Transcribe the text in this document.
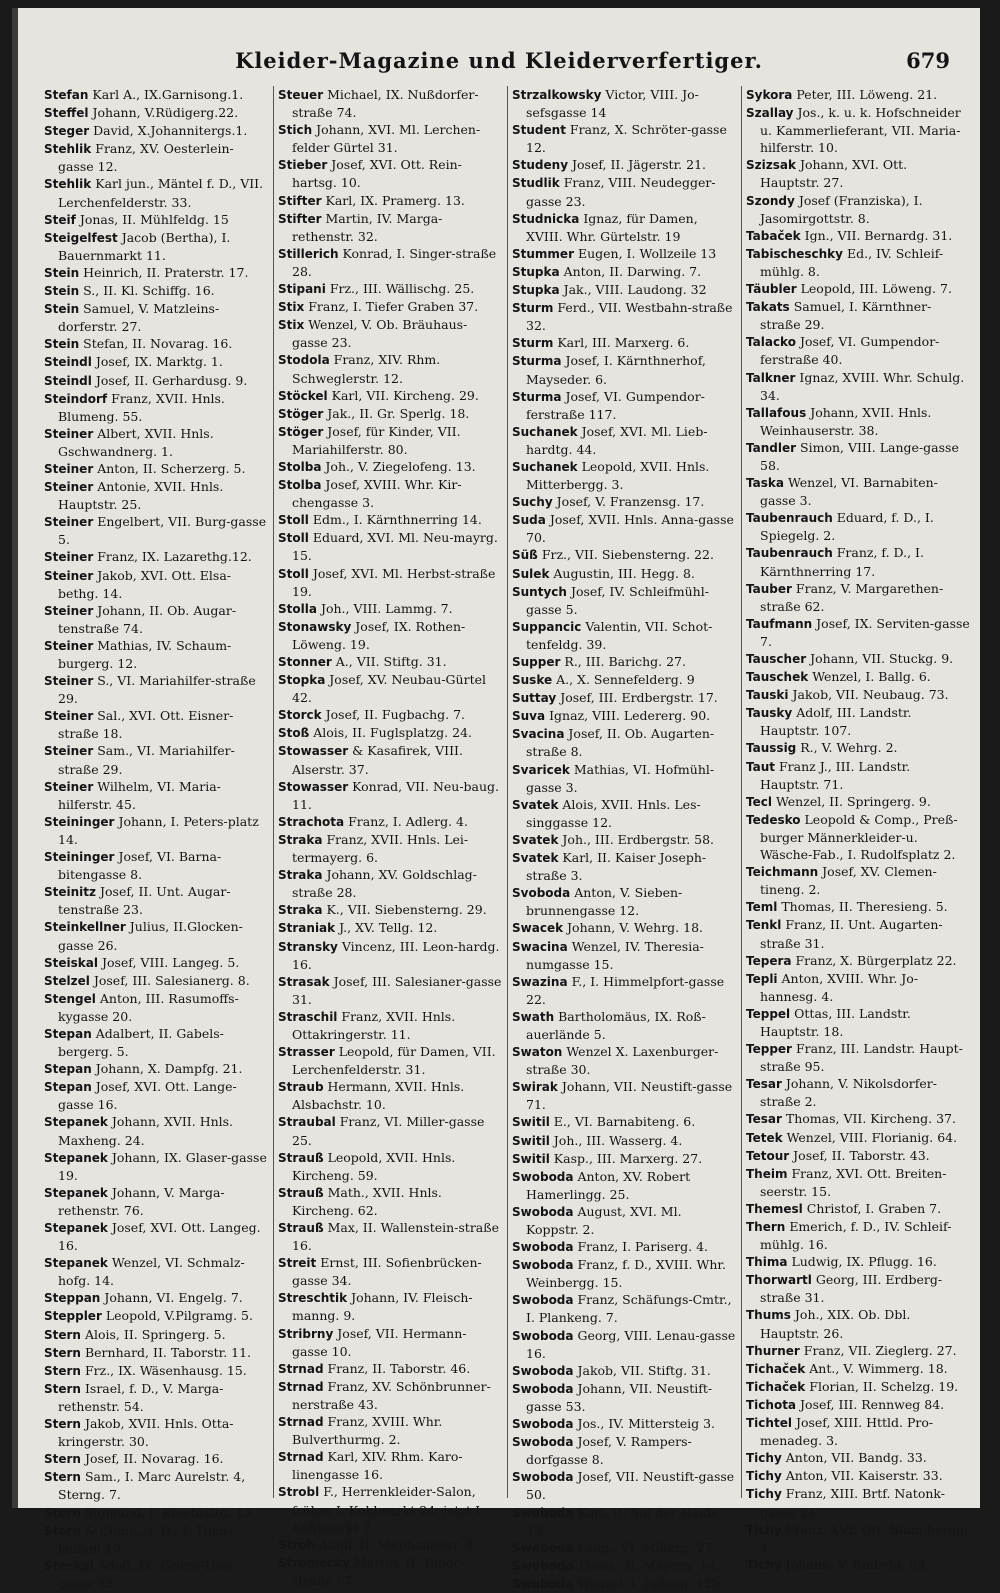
Kleider-Magazine und Kleiderverfertiger.	679
Stefan Karl A., IX.Garnisong.1.
Steffel Johann, V.Rüdigerg.22.
Steger David, X.Johannitergs.1.
Stehlik Franz, XV. Oesterlein-gasse 12.
Stehlik Karl jun., Mäntel f. D., VII. Lerchenfelderstr. 33.
Steif Jonas, II. Mühlfeldg. 15
Steigelfest Jacob (Bertha), I. Bauernmarkt 11.
Stein Heinrich, II. Praterstr. 17.
Stein S., II. Kl. Schiffg. 16.
Stein Samuel, V. Matzleins-dorferstr. 27.
Stein Stefan, II. Novarag. 16.
Steindl Josef, IX. Marktg. 1.
Steindl Josef, II. Gerhardusg. 9.
Steindorf Franz, XVII. Hnls. Blumeng. 55.
Steiner Albert, XVII. Hnls. Gschwandnerg. 1.
Steiner Anton, II. Scherzerg. 5.
Steiner Antonie, XVII. Hnls. Hauptstr. 25.
Steiner Engelbert, VII. Burg-gasse 5.
Steiner Franz, IX. Lazarethg.12.
Steiner Jakob, XVI. Ott. Elsa-bethg. 14.
Steiner Johann, II. Ob. Augar-tenstraße 74.
Steiner Mathias, IV. Schaum-burgerg. 12.
Steiner S., VI. Mariahilfer-straße 29.
Steiner Sal., XVI. Ott. Eisner-straße 18.
Steiner Sam., VI. Mariahilfer-straße 29.
Steiner Wilhelm, VI. Maria-hilferstr. 45.
Steininger Johann, I. Peters-platz 14.
Steininger Josef, VI. Barna-bitengasse 8.
Steinitz Josef, II. Unt. Augar-tenstraße 23.
Steinkellner Julius, II.Glocken-gasse 26.
Steiskal Josef, VIII. Langeg. 5.
Stelzel Josef, III. Salesianerg. 8.
Stengel Anton, III. Rasumoffs-kygasse 20.
Stepan Adalbert, II. Gabels-bergerg. 5.
Stepan Johann, X. Dampfg. 21.
Stepan Josef, XVI. Ott. Lange-gasse 16.
Stepanek Johann, XVII. Hnls. Maxheng. 24.
Stepanek Johann, IX. Glaser-gasse 19.
Stepanek Johann, V. Marga-rethenstr. 76.
Stepanek Josef, XVI. Ott. Langeg. 16.
Stepanek Wenzel, VI. Schmalz-hofg. 14.
Steppan Johann, VI. Engelg. 7.
Steppler Leopold, V.Pilgramg. 5.
Stern Alois, II. Springerg. 5.
Stern Bernhard, II. Taborstr. 11.
Stern Frz., IX. Wäsenhausg. 15.
Stern Israel, f. D., V. Marga-rethenstr. 54.
Stern Jakob, XVII. Hnls. Otta-kringerstr. 30.
Stern Josef, II. Novarag. 16.
Stern Sam., I. Marc Aurelstr. 4, Sterng. 7.
Stern Sigmund, I. Kleeblattg. 13.
Stern & Comp., f. D., I. Tuch-lauben 10.
Steskal Adolf, IX. Grüne-Thor-gasse 33.
Steuer Michael, IX. Nußdorfer-straße 74.
Stich Johann, XVI. Ml. Lerchen-felder Gürtel 31.
Stieber Josef, XVI. Ott. Rein-hartsg. 10.
Stifter Karl, IX. Pramerg. 13.
Stifter Martin, IV. Marga-rethenstr. 32.
Stillerich Konrad, I. Singer-straße 28.
Stipani Frz., III. Wällischg. 25.
Stix Franz, I. Tiefer Graben 37.
Stix Wenzel, V. Ob. Bräuhaus-gasse 23.
Stodola Franz, XIV. Rhm. Schweglerstr. 12.
Stöckel Karl, VII. Kircheng. 29.
Stöger Jak., II. Gr. Sperlg. 18.
Stöger Josef, für Kinder, VII. Mariahilferstr. 80.
Stolba Joh., V. Ziegelofeng. 13.
Stolba Josef, XVIII. Whr. Kir-chengasse 3.
Stoll Edm., I. Kärnthnerring 14.
Stoll Eduard, XVI. Ml. Neu-mayrg. 15.
Stoll Josef, XVI. Ml. Herbst-straße 19.
Stolla Joh., VIII. Lammg. 7.
Stonawsky Josef, IX. Rothen-Löweng. 19.
Stonner A., VII. Stiftg. 31.
Stopka Josef, XV. Neubau-Gürtel 42.
Storck Josef, II. Fugbachg. 7.
Stoß Alois, II. Fuglsplatzg. 24.
Stowasser & Kasafirek, VIII. Alserstr. 37.
Stowasser Konrad, VII. Neu-baug. 11.
Strachota Franz, I. Adlerg. 4.
Straka Franz, XVII. Hnls. Lei-termayerg. 6.
Straka Johann, XV. Goldschlag-straße 28.
Straka K., VII. Siebensterng. 29.
Straniak J., XV. Tellg. 12.
Stransky Vincenz, III. Leon-hardg. 16.
Strasak Josef, III. Salesianer-gasse 31.
Straschil Franz, XVII. Hnls. Ottakringerstr. 11.
Strasser Leopold, für Damen, VII. Lerchenfelderstr. 31.
Straub Hermann, XVII. Hnls. Alsbachstr. 10.
Straubal Franz, VI. Miller-gasse 25.
Strauß Leopold, XVII. Hnls. Kircheng. 59.
Strauß Math., XVII. Hnls. Kircheng. 62.
Strauß Max, II. Wallenstein-straße 16.
Streit Ernst, III. Sofienbrücken-gasse 34.
Streschtik Johann, IV. Fleisch-manng. 9.
Stribrny Josef, VII. Hermann-gasse 10.
Strnad Franz, II. Taborstr. 46.
Strnad Franz, XV. Schönbrunner-nerstraße 43.
Strnad Franz, XVIII. Whr. Bulverthurmg. 2.
Strnad Karl, XIV. Rhm. Karo-linengasse 16.
Strobl F., Herrenkleider-Salon, früher I. Kohlmarkt 24, jetzt I. Kohlmarkt 7.
Stroh Adolf, II. Stephaniestr. 8.
Stromecky Martin, II. Tabor-straße 67.
Strzalkowsky Victor, VIII. Jo-sefsgasse 14
Student Franz, X. Schröter-gasse 12.
Studeny Josef, II. Jägerstr. 21.
Studlik Franz, VIII. Neudegger-gasse 23.
Studnicka Ignaz, für Damen, XVIII. Whr. Gürtelstr. 19
Stummer Eugen, I. Wollzeile 13
Stupka Anton, II. Darwing. 7.
Stupka Jak., VIII. Laudong. 32
Sturm Ferd., VII. Westbahn-straße 32.
Sturm Karl, III. Marxerg. 6.
Sturma Josef, I. Kärnthnerhof, Mayseder. 6.
Sturma Josef, VI. Gumpendor-ferstraße 117.
Suchanek Josef, XVI. Ml. Lieb-hardtg. 44.
Suchanek Leopold, XVII. Hnls. Mitterbergg. 3.
Suchy Josef, V. Franzensg. 17.
Suda Josef, XVII. Hnls. Anna-gasse 70.
Süß Frz., VII. Siebensterng. 22.
Sulek Augustin, III. Hegg. 8.
Suntych Josef, IV. Schleifmühl-gasse 5.
Suppancic Valentin, VII. Schot-tenfeldg. 39.
Supper R., III. Barichg. 27.
Suske A., X. Sennefelderg. 9
Suttay Josef, III. Erdbergstr. 17.
Suva Ignaz, VIII. Ledererg. 90.
Svacina Josef, II. Ob. Augarten-straße 8.
Svaricek Mathias, VI. Hofmühl-gasse 3.
Svatek Alois, XVII. Hnls. Les-singgasse 12.
Svatek Joh., III. Erdbergstr. 58.
Svatek Karl, II. Kaiser Joseph-straße 3.
Svoboda Anton, V. Sieben-brunnengasse 12.
Swacek Johann, V. Wehrg. 18.
Swacina Wenzel, IV. Theresia-numgasse 15.
Swazina F., I. Himmelpfort-gasse 22.
Swath Bartholomäus, IX. Roß-auerlände 5.
Swaton Wenzel X. Laxenburger-straße 30.
Swirak Johann, VII. Neustift-gasse 71.
Switil E., VI. Barnabiteng. 6.
Switil Joh., III. Wasserg. 4.
Switil Kasp., III. Marxerg. 27.
Swoboda Anton, XV. Robert Hamerlingg. 25.
Swoboda August, XVI. Ml. Koppstr. 2.
Swoboda Franz, I. Pariserg. 4.
Swoboda Franz, f. D., XVIII. Whr. Weinbergg. 15.
Swoboda Franz, Schäfungs-Cmtr., I. Plankeng. 7.
Swoboda Georg, VIII. Lenau-gasse 16.
Swoboda Jakob, VII. Stiftg. 31.
Swoboda Johann, VII. Neustift-gasse 53.
Swoboda Jos., IV. Mittersteig 3.
Swoboda Josef, V. Rampers-dorfgasse 8.
Swoboda Josef, VII. Neustift-gasse 50.
Swoboda Karl, II. Auf der Haide 13.
Swoboda Leop., VI. Millerg. 27.
Swoboda Thom., II. Mayerg. 14.
Swoboda Wenzel, I. Judeng. 12b.
Sykora Peter, III. Löweng. 21.
Szallay Jos., k. u. k. Hofschneider u. Kammerlieferant, VII. Maria-hilferstr. 10.
Szizsak Johann, XVI. Ott. Hauptstr. 27.
Szondy Josef (Franziska), I. Jasomirgottstr. 8.
Tabaček Ign., VII. Bernardg. 31.
Tabischeschky Ed., IV. Schleif-mühlg. 8.
Täubler Leopold, III. Löweng. 7.
Takats Samuel, I. Kärnthner-straße 29.
Talacko Josef, VI. Gumpendor-ferstraße 40.
Talkner Ignaz, XVIII. Whr. Schulg. 34.
Tallafous Johann, XVII. Hnls. Weinhauserstr. 38.
Tandler Simon, VIII. Lange-gasse 58.
Taska Wenzel, VI. Barnabiten-gasse 3.
Taubenrauch Eduard, f. D., I. Spiegelg. 2.
Taubenrauch Franz, f. D., I. Kärnthnerring 17.
Tauber Franz, V. Margarethen-straße 62.
Taufmann Josef, IX. Serviten-gasse 7.
Tauscher Johann, VII. Stuckg. 9.
Tauschek Wenzel, I. Ballg. 6.
Tauski Jakob, VII. Neubaug. 73.
Tausky Adolf, III. Landstr. Hauptstr. 107.
Taussig R., V. Wehrg. 2.
Taut Franz J., III. Landstr. Hauptstr. 71.
Tecl Wenzel, II. Springerg. 9.
Tedesko Leopold & Comp., Preß-burger Männerkleider-u. Wäsche-Fab., I. Rudolfsplatz 2.
Teichmann Josef, XV. Clemen-tineng. 2.
Teml Thomas, II. Theresieng. 5.
Tenkl Franz, II. Unt. Augarten-straße 31.
Tepera Franz, X. Bürgerplatz 22.
Tepli Anton, XVIII. Whr. Jo-hannesg. 4.
Teppel Ottas, III. Landstr. Hauptstr. 18.
Tepper Franz, III. Landstr. Haupt-straße 95.
Tesar Johann, V. Nikolsdorfer-straße 2.
Tesar Thomas, VII. Kircheng. 37.
Tetek Wenzel, VIII. Florianig. 64.
Tetour Josef, II. Taborstr. 43.
Theim Franz, XVI. Ott. Breiten-seerstr. 15.
Themesl Christof, I. Graben 7.
Thern Emerich, f. D., IV. Schleif-mühlg. 16.
Thima Ludwig, IX. Pflugg. 16.
Thorwartl Georg, III. Erdberg-straße 31.
Thums Joh., XIX. Ob. Dbl. Hauptstr. 26.
Thurner Franz, VII. Zieglerg. 27.
Tichaček Ant., V. Wimmerg. 18.
Tichaček Florian, II. Schelzg. 19.
Tichota Josef, III. Rennweg 84.
Tichtel Josef, XIII. Httld. Pro-menadeg. 3.
Tichy Anton, VII. Bandg. 33.
Tichy Anton, VII. Kaiserstr. 33.
Tichy Franz, XIII. Brtf. Natonk-gasse 24.
Tichy Franz, XVI. Ott. Blum-bergg. 4.
Tichy Johann, V. Embelg. 69.
